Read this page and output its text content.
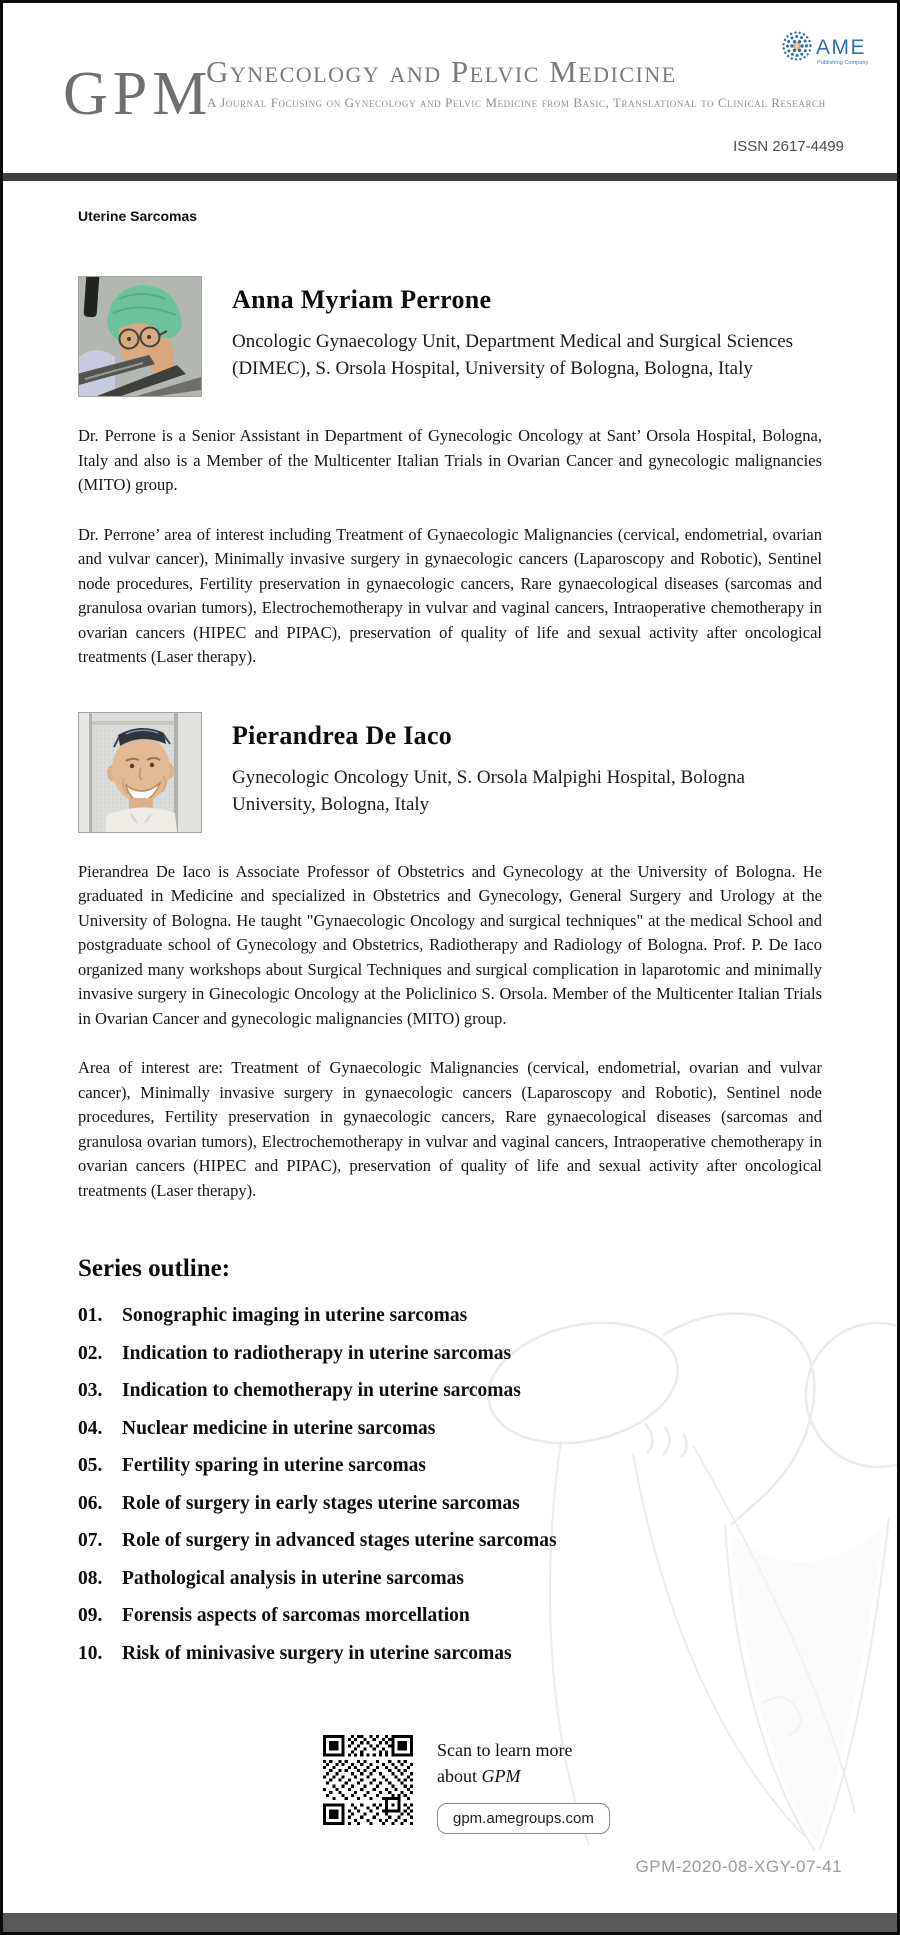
GPM
Gynecology and Pelvic Medicine
A Journal Focusing on Gynecology and Pelvic Medicine from Basic, Translational to Clinical Research
ISSN 2617-4499
AME
Publishing Company
Uterine Sarcomas
Anna Myriam Perrone
Oncologic Gynaecology Unit, Department Medical and Surgical Sciences
(DIMEC), S. Orsola Hospital, University of Bologna, Bologna, Italy

Dr. Perrone is a Senior Assistant in Department of Gynecologic Oncology at Sant’ Orsola Hospital, Bologna, Italy and also is a Member of the Multicenter Italian Trials in Ovarian Cancer and gynecologic malignancies (MITO) group.

Dr. Perrone’ area of interest including Treatment of Gynaecologic Malignancies (cervical, endometrial, ovarian and vulvar cancer), Minimally invasive surgery in gynaecologic cancers (Laparoscopy and Robotic), Sentinel node procedures, Fertility preservation in gynaecologic cancers, Rare gynaecological diseases (sarcomas and granulosa ovarian tumors), Electrochemotherapy in vulvar and vaginal cancers, Intraoperative chemotherapy in ovarian cancers (HIPEC and PIPAC), preservation of quality of life and sexual activity after oncological treatments (Laser therapy).

Pierandrea De Iaco
Gynecologic Oncology Unit, S. Orsola Malpighi Hospital, Bologna
University, Bologna, Italy

Pierandrea De Iaco is Associate Professor of Obstetrics and Gynecology at the University of Bologna. He graduated in Medicine and specialized in Obstetrics and Gynecology, General Surgery and Urology at the University of Bologna. He taught "Gynaecologic Oncology and surgical techniques" at the medical School and postgraduate school of Gynecology and Obstetrics, Radiotherapy and Radiology of Bologna. Prof. P. De Iaco organized many workshops about Surgical Techniques and surgical complication in laparotomic and minimally invasive surgery in Ginecologic Oncology at the Policlinico S. Orsola. Member of the Multicenter Italian Trials in Ovarian Cancer and gynecologic malignancies (MITO) group.

Area of interest are: Treatment of Gynaecologic Malignancies (cervical, endometrial, ovarian and vulvar cancer), Minimally invasive surgery in gynaecologic cancers (Laparoscopy and Robotic), Sentinel node procedures, Fertility preservation in gynaecologic cancers, Rare gynaecological diseases (sarcomas and granulosa ovarian tumors), Electrochemotherapy in vulvar and vaginal cancers, Intraoperative chemotherapy in ovarian cancers (HIPEC and PIPAC), preservation of quality of life and sexual activity after oncological treatments (Laser therapy).

Series outline:
01.	Sonographic imaging in uterine sarcomas
02.	Indication to radiotherapy in uterine sarcomas
03.	Indication to chemotherapy in uterine sarcomas
04.	Nuclear medicine in uterine sarcomas
05.	Fertility sparing in uterine sarcomas
06.	Role of surgery in early stages uterine sarcomas
07.	Role of surgery in advanced stages uterine sarcomas
08.	Pathological analysis in uterine sarcomas
09.	Forensis aspects of sarcomas morcellation
10.	Risk of minivasive surgery in uterine sarcomas
Scan to learn more
about GPM
gpm.amegroups.com
GPM-2020-08-XGY-07-41
